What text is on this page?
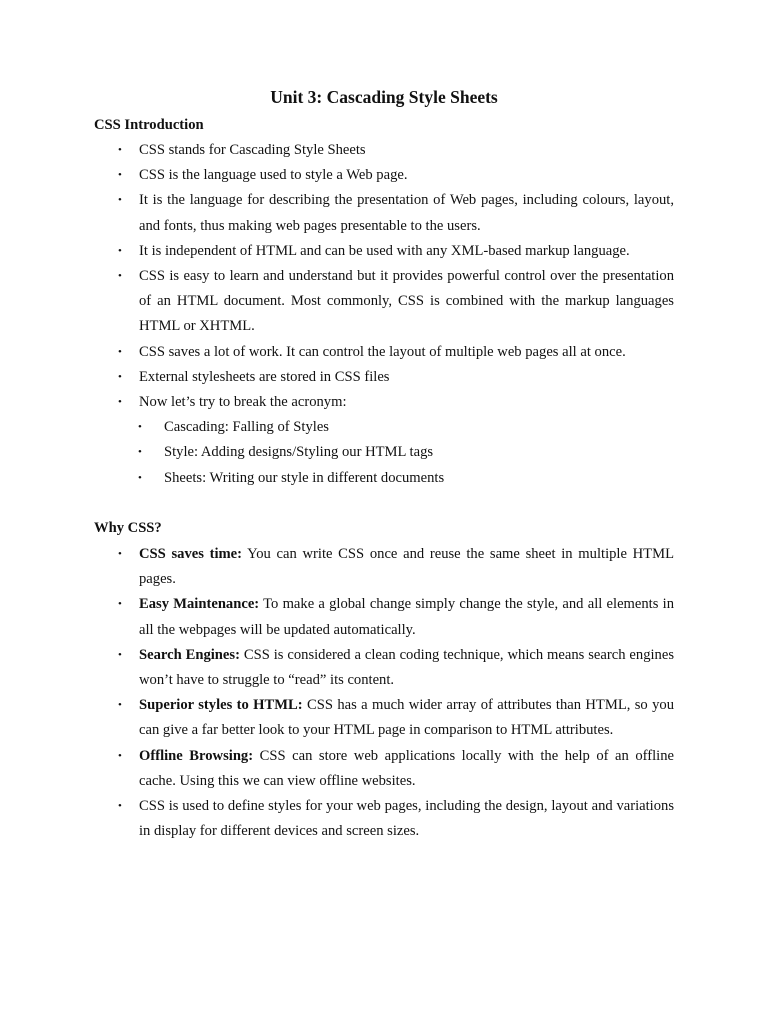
Unit 3: Cascading Style Sheets
CSS Introduction
• CSS stands for Cascading Style Sheets
• CSS is the language used to style a Web page.
• It is the language for describing the presentation of Web pages, including colours, layout, and fonts, thus making web pages presentable to the users.
• It is independent of HTML and can be used with any XML-based markup language.
• CSS is easy to learn and understand but it provides powerful control over the presentation of an HTML document. Most commonly, CSS is combined with the markup languages HTML or XHTML.
• CSS saves a lot of work. It can control the layout of multiple web pages all at once.
• External stylesheets are stored in CSS files
• Now let’s try to break the acronym:
• Cascading: Falling of Styles
• Style: Adding designs/Styling our HTML tags
• Sheets: Writing our style in different documents
Why CSS?
• CSS saves time: You can write CSS once and reuse the same sheet in multiple HTML pages.
• Easy Maintenance: To make a global change simply change the style, and all elements in all the webpages will be updated automatically.
• Search Engines: CSS is considered a clean coding technique, which means search engines won’t have to struggle to “read” its content.
• Superior styles to HTML: CSS has a much wider array of attributes than HTML, so you can give a far better look to your HTML page in comparison to HTML attributes.
• Offline Browsing: CSS can store web applications locally with the help of an offline cache. Using this we can view offline websites.
• CSS is used to define styles for your web pages, including the design, layout and variations in display for different devices and screen sizes.
